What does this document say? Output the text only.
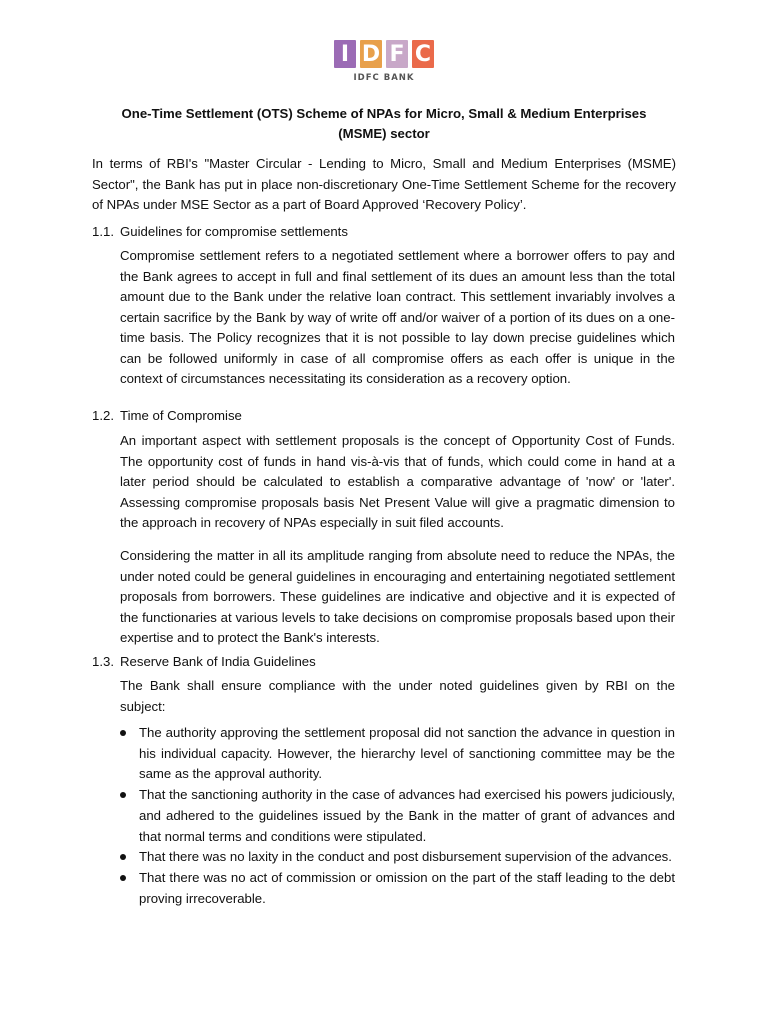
I D F C
IDFC BANK
One-Time Settlement (OTS) Scheme of NPAs for Micro, Small & Medium Enterprises
(MSME) sector
In terms of RBI's "Master Circular - Lending to Micro, Small and Medium Enterprises (MSME) Sector", the Bank has put in place non-discretionary One-Time Settlement Scheme for the recovery of NPAs under MSE Sector as a part of Board Approved ‘Recovery Policy’.
1.1. Guidelines for compromise settlements
Compromise settlement refers to a negotiated settlement where a borrower offers to pay and the Bank agrees to accept in full and final settlement of its dues an amount less than the total amount due to the Bank under the relative loan contract. This settlement invariably involves a certain sacrifice by the Bank by way of write off and/or waiver of a portion of its dues on a one-time basis. The Policy recognizes that it is not possible to lay down precise guidelines which can be followed uniformly in case of all compromise offers as each offer is unique in the context of circumstances necessitating its consideration as a recovery option.
1.2. Time of Compromise
An important aspect with settlement proposals is the concept of Opportunity Cost of Funds. The opportunity cost of funds in hand vis-à-vis that of funds, which could come in hand at a later period should be calculated to establish a comparative advantage of 'now' or 'later'. Assessing compromise proposals basis Net Present Value will give a pragmatic dimension to the approach in recovery of NPAs especially in suit filed accounts.
Considering the matter in all its amplitude ranging from absolute need to reduce the NPAs, the under noted could be general guidelines in encouraging and entertaining negotiated settlement proposals from borrowers. These guidelines are indicative and objective and it is expected of the functionaries at various levels to take decisions on compromise proposals based upon their expertise and to protect the Bank's interests.
1.3. Reserve Bank of India Guidelines
The Bank shall ensure compliance with the under noted guidelines given by RBI on the subject:
The authority approving the settlement proposal did not sanction the advance in question in his individual capacity. However, the hierarchy level of sanctioning committee may be the same as the approval authority.
That the sanctioning authority in the case of advances had exercised his powers judiciously, and adhered to the guidelines issued by the Bank in the matter of grant of advances and that normal terms and conditions were stipulated.
That there was no laxity in the conduct and post disbursement supervision of the advances.
That there was no act of commission or omission on the part of the staff leading to the debt proving irrecoverable.
